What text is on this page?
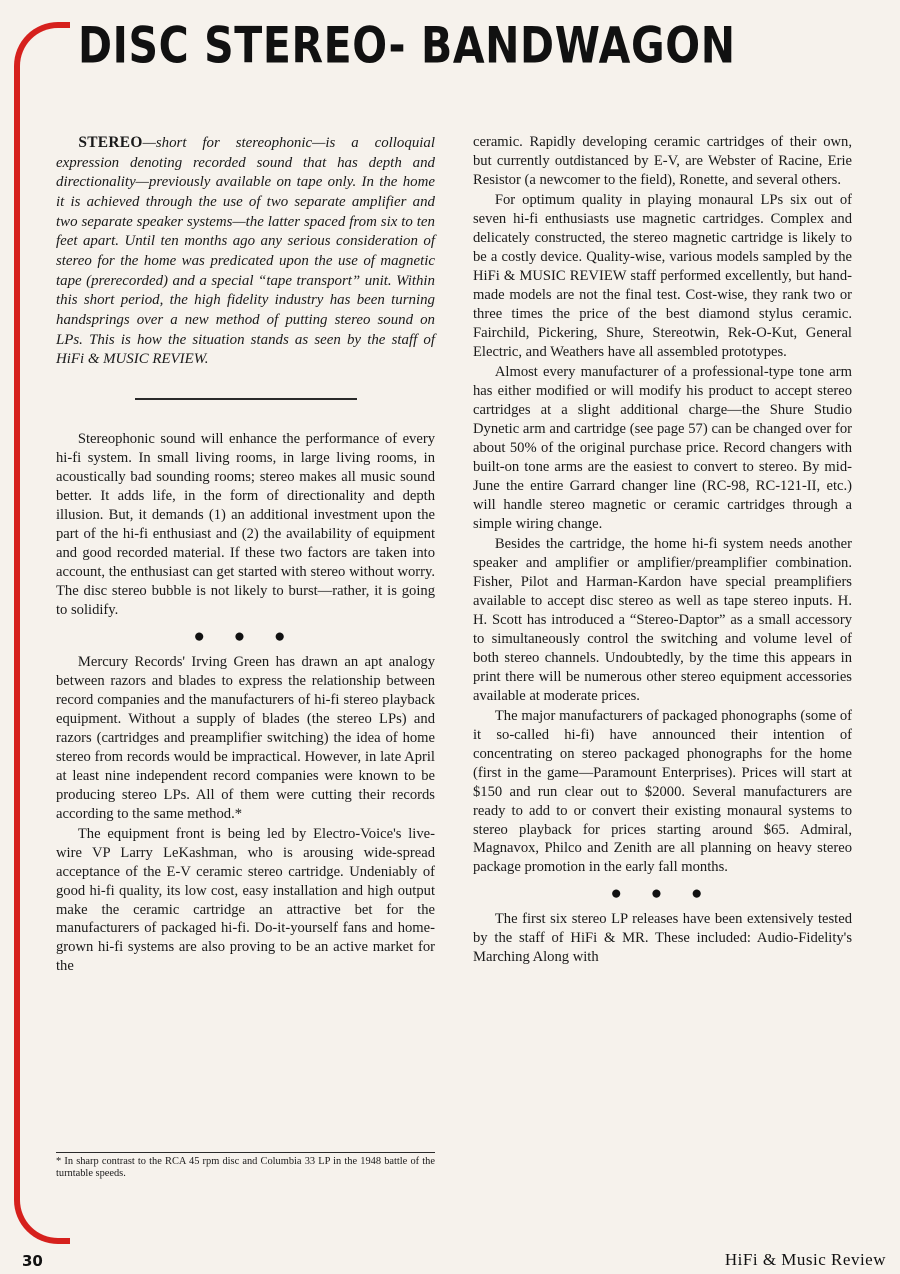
DISC STEREO- BANDWAGON

STEREO—short for stereophonic—is a colloquial expression denoting recorded sound that has depth and directionality—previously available on tape only. In the home it is achieved through the use of two separate amplifier and two separate speaker systems—the latter spaced from six to ten feet apart. Until ten months ago any serious consideration of stereo for the home was predicated upon the use of magnetic tape (prerecorded) and a special “tape transport” unit. Within this short period, the high fidelity industry has been turning handsprings over a new method of putting stereo sound on LPs. This is how the situation stands as seen by the staff of HiFi & MUSIC REVIEW.

Stereophonic sound will enhance the performance of every hi-fi system. In small living rooms, in large living rooms, in acoustically bad sounding rooms; stereo makes all music sound better. It adds life, in the form of directionality and depth illusion. But, it demands (1) an additional investment upon the part of the hi-fi enthusiast and (2) the availability of equipment and good recorded material. If these two factors are taken into account, the enthusiast can get started with stereo without worry. The disc stereo bubble is not likely to burst—rather, it is going to solidify.

● ● ●

Mercury Records' Irving Green has drawn an apt analogy between razors and blades to express the relationship between record companies and the manufacturers of hi-fi stereo playback equipment. Without a supply of blades (the stereo LPs) and razors (cartridges and preamplifier switching) the idea of home stereo from records would be impractical. However, in late April at least nine independent record companies were known to be producing stereo LPs. All of them were cutting their records according to the same method.*

The equipment front is being led by Electro-Voice's live-wire VP Larry LeKashman, who is arousing wide-spread acceptance of the E-V ceramic stereo cartridge. Undeniably of good hi-fi quality, its low cost, easy installation and high output make the ceramic cartridge an attractive bet for the manufacturers of packaged hi-fi. Do-it-yourself fans and home-grown hi-fi systems are also proving to be an active market for the

ceramic. Rapidly developing ceramic cartridges of their own, but currently outdistanced by E-V, are Webster of Racine, Erie Resistor (a newcomer to the field), Ronette, and several others.

For optimum quality in playing monaural LPs six out of seven hi-fi enthusiasts use magnetic cartridges. Complex and delicately constructed, the stereo magnetic cartridge is likely to be a costly device. Quality-wise, various models sampled by the HiFi & MUSIC REVIEW staff performed excellently, but hand-made models are not the final test. Cost-wise, they rank two or three times the price of the best diamond stylus ceramic. Fairchild, Pickering, Shure, Stereotwin, Rek-O-Kut, General Electric, and Weathers have all assembled prototypes.

Almost every manufacturer of a professional-type tone arm has either modified or will modify his product to accept stereo cartridges at a slight additional charge—the Shure Studio Dynetic arm and cartridge (see page 57) can be changed over for about 50% of the original purchase price. Record changers with built-on tone arms are the easiest to convert to stereo. By mid-June the entire Garrard changer line (RC-98, RC-121-II, etc.) will handle stereo magnetic or ceramic cartridges through a simple wiring change.

Besides the cartridge, the home hi-fi system needs another speaker and amplifier or amplifier/preamplifier combination. Fisher, Pilot and Harman-Kardon have special preamplifiers available to accept disc stereo as well as tape stereo inputs. H. H. Scott has introduced a “Stereo-Daptor” as a small accessory to simultaneously control the switching and volume level of both stereo channels. Undoubtedly, by the time this appears in print there will be numerous other stereo equipment accessories available at moderate prices.

The major manufacturers of packaged phonographs (some of it so-called hi-fi) have announced their intention of concentrating on stereo packaged phonographs for the home (first in the game—Paramount Enterprises). Prices will start at $150 and run clear out to $2000. Several manufacturers are ready to add to or convert their existing monaural systems to stereo playback for prices starting around $65. Admiral, Magnavox, Philco and Zenith are all planning on heavy stereo package promotion in the early fall months.

● ● ●

The first six stereo LP releases have been extensively tested by the staff of HiFi & MR. These included: Audio-Fidelity's Marching Along with

* In sharp contrast to the RCA 45 rpm disc and Columbia 33 LP in the 1948 battle of the turntable speeds.
30	HiFi & Music Review
